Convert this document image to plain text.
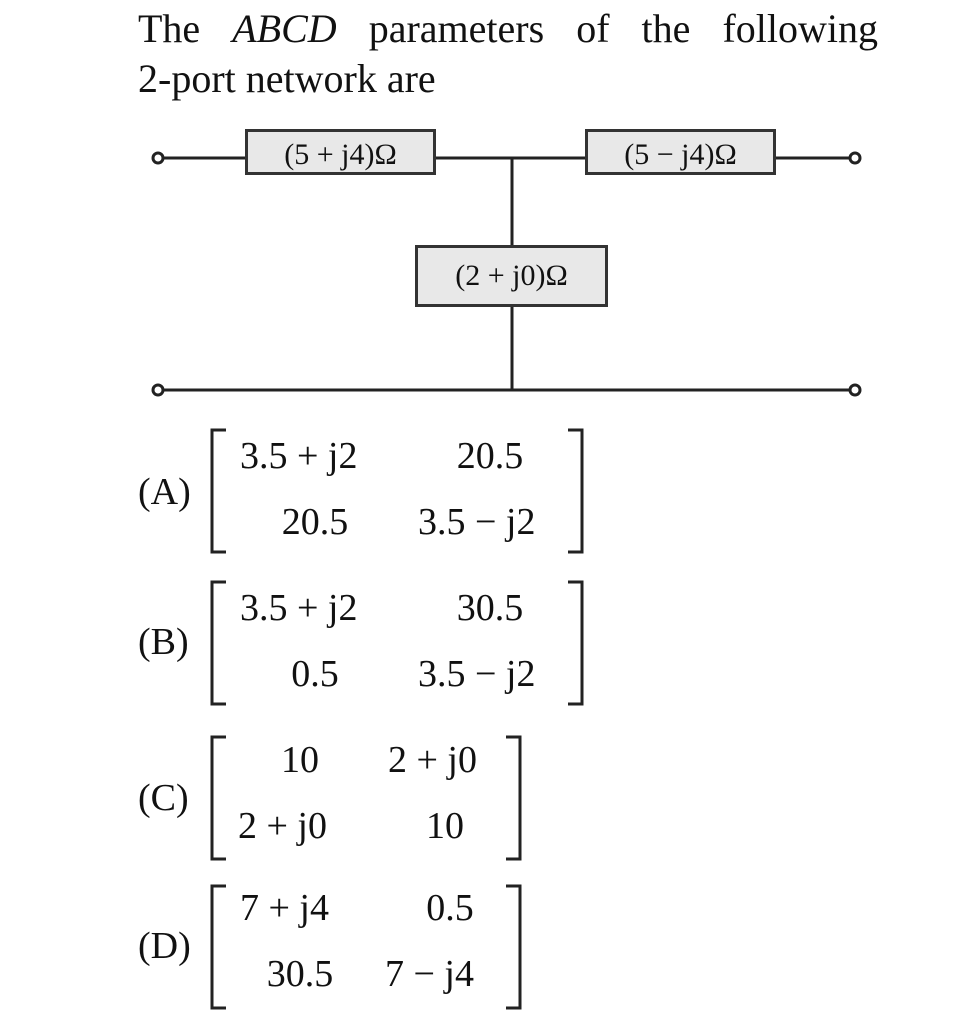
The ABCD parameters of the following
2-port network are
(5 + j4)Ω	(5 − j4)Ω
(2 + j0)Ω
(A)
3.5 + j2	20.5
20.5	3.5 − j2
(B)
3.5 + j2	30.5
0.5	3.5 − j2
(C)
10	2 + j0
2 + j0	10
(D)
7 + j4	0.5
30.5	7 − j4
